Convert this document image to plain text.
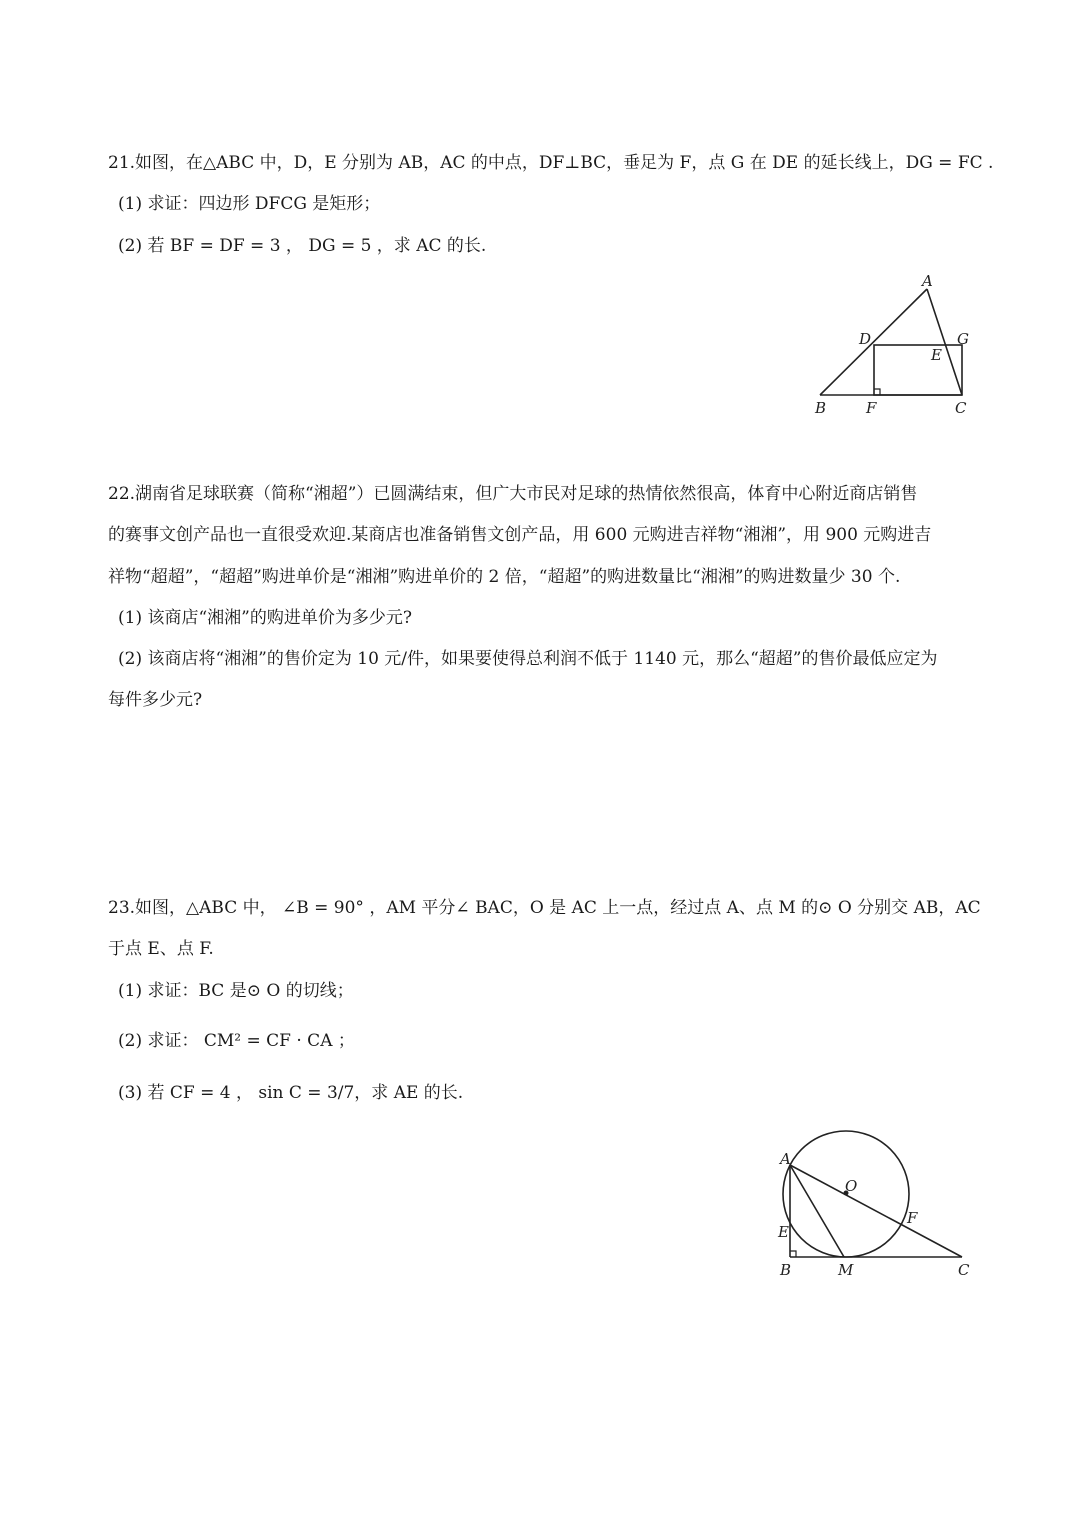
21.如图，在△ABC 中，D，E 分别为 AB，AC 的中点，DF⊥BC，垂足为 F，点 G 在 DE 的延长线上，DG = FC .
(1) 求证：四边形 DFCG 是矩形；
(2) 若 BF = DF = 3 ， DG = 5 ，求 AC 的长.
A
D
E
G
B	F	C
22.湖南省足球联赛（简称“湘超”）已圆满结束，但广大市民对足球的热情依然很高，体育中心附近商店销售
的赛事文创产品也一直很受欢迎.某商店也准备销售文创产品，用 600 元购进吉祥物“湘湘”，用 900 元购进吉
祥物“超超”，“超超”购进单价是“湘湘”购进单价的 2 倍，“超超”的购进数量比“湘湘”的购进数量少 30 个.
(1) 该商店“湘湘”的购进单价为多少元?
(2) 该商店将“湘湘”的售价定为 10 元/件，如果要使得总利润不低于 1140 元，那么“超超”的售价最低应定为
每件多少元?
23.如图，△ABC 中， ∠B = 90° ，AM 平分∠ BAC，O 是 AC 上一点，经过点 A、点 M 的⊙ O 分别交 AB，AC
于点 E、点 F.
(1) 求证：BC 是⊙ O 的切线；
(2) 求证： CM² = CF · CA ；
(3) 若 CF = 4 ， sin C = 3/7，求 AE 的长.
A
O
F
E
B	M	C
